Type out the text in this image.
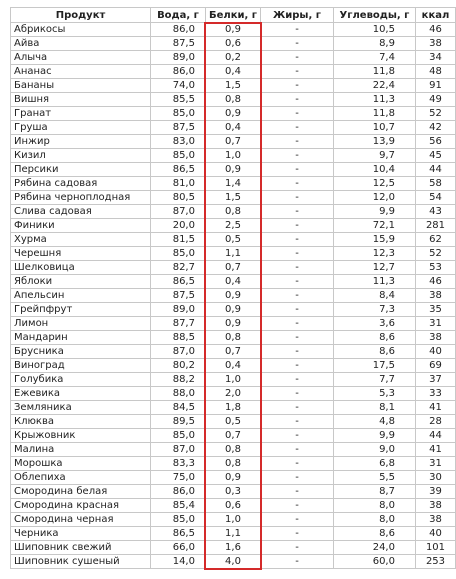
Продукт	Вода, г	Белки, г	Жиры, г	Углеводы, г	ккал
Абрикосы	86,0	0,9	-	10,5	46
Айва	87,5	0,6	-	8,9	38
Алыча	89,0	0,2	-	7,4	34
Ананас	86,0	0,4	-	11,8	48
Бананы	74,0	1,5	-	22,4	91
Вишня	85,5	0,8	-	11,3	49
Гранат	85,0	0,9	-	11,8	52
Груша	87,5	0,4	-	10,7	42
Инжир	83,0	0,7	-	13,9	56
Кизил	85,0	1,0	-	9,7	45
Персики	86,5	0,9	-	10,4	44
Рябина садовая	81,0	1,4	-	12,5	58
Рябина черноплодная	80,5	1,5	-	12,0	54
Слива садовая	87,0	0,8	-	9,9	43
Финики	20,0	2,5	-	72,1	281
Хурма	81,5	0,5	-	15,9	62
Черешня	85,0	1,1	-	12,3	52
Шелковица	82,7	0,7	-	12,7	53
Яблоки	86,5	0,4	-	11,3	46
Апельсин	87,5	0,9	-	8,4	38
Грейпфрут	89,0	0,9	-	7,3	35
Лимон	87,7	0,9	-	3,6	31
Мандарин	88,5	0,8	-	8,6	38
Брусника	87,0	0,7	-	8,6	40
Виноград	80,2	0,4	-	17,5	69
Голубика	88,2	1,0	-	7,7	37
Ежевика	88,0	2,0	-	5,3	33
Земляника	84,5	1,8	-	8,1	41
Клюква	89,5	0,5	-	4,8	28
Крыжовник	85,0	0,7	-	9,9	44
Малина	87,0	0,8	-	9,0	41
Морошка	83,3	0,8	-	6,8	31
Облепиха	75,0	0,9	-	5,5	30
Смородина белая	86,0	0,3	-	8,7	39
Смородина красная	85,4	0,6	-	8,0	38
Смородина черная	85,0	1,0	-	8,0	38
Черника	86,5	1,1	-	8,6	40
Шиповник свежий	66,0	1,6	-	24,0	101
Шиповник сушеный	14,0	4,0	-	60,0	253
